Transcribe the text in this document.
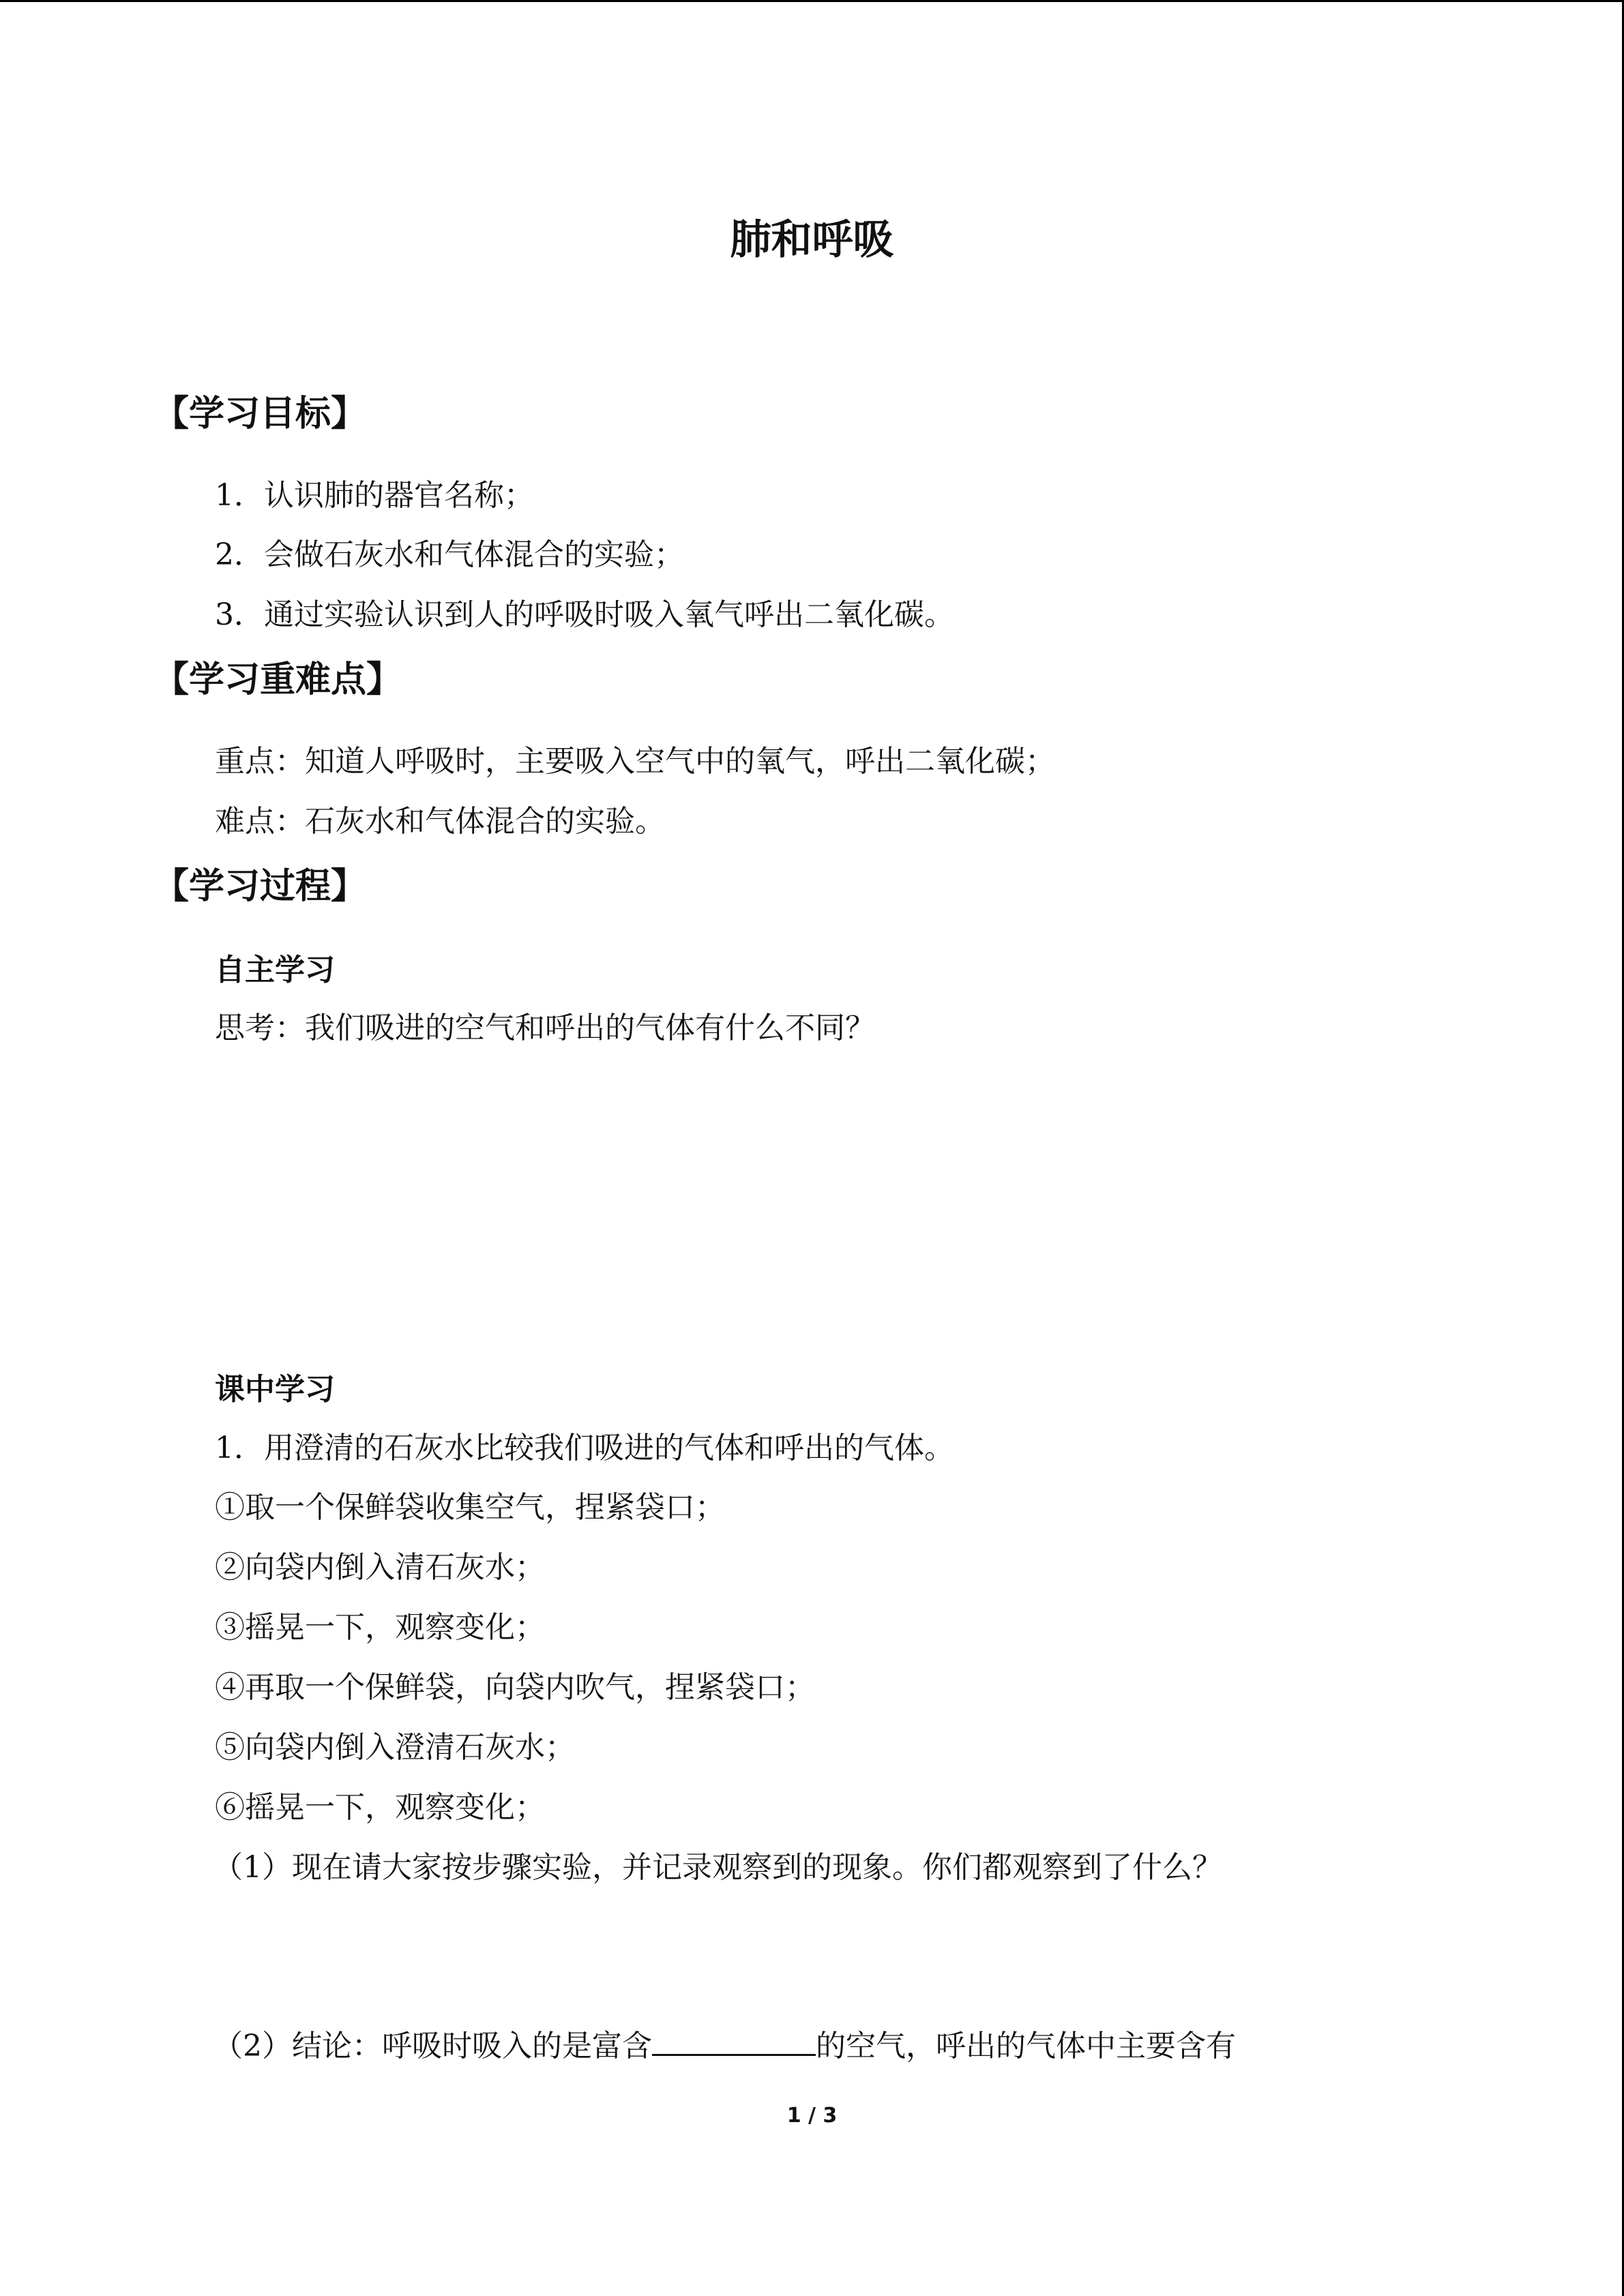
肺和呼吸
【学习目标】
1．认识肺的器官名称；
2．会做石灰水和气体混合的实验；
3．通过实验认识到人的呼吸时吸入氧气呼出二氧化碳。
【学习重难点】
重点：知道人呼吸时，主要吸入空气中的氧气，呼出二氧化碳；
难点：石灰水和气体混合的实验。
【学习过程】
自主学习
思考：我们吸进的空气和呼出的气体有什么不同？
课中学习
1．用澄清的石灰水比较我们吸进的气体和呼出的气体。
①取一个保鲜袋收集空气，捏紧袋口；
②向袋内倒入清石灰水；
③摇晃一下，观察变化；
④再取一个保鲜袋，向袋内吹气，捏紧袋口；
⑤向袋内倒入澄清石灰水；
⑥摇晃一下，观察变化；
（1）现在请大家按步骤实验，并记录观察到的现象。你们都观察到了什么？
（2）结论：呼吸时吸入的是富含	的空气，呼出的气体中主要含有
1 / 3
